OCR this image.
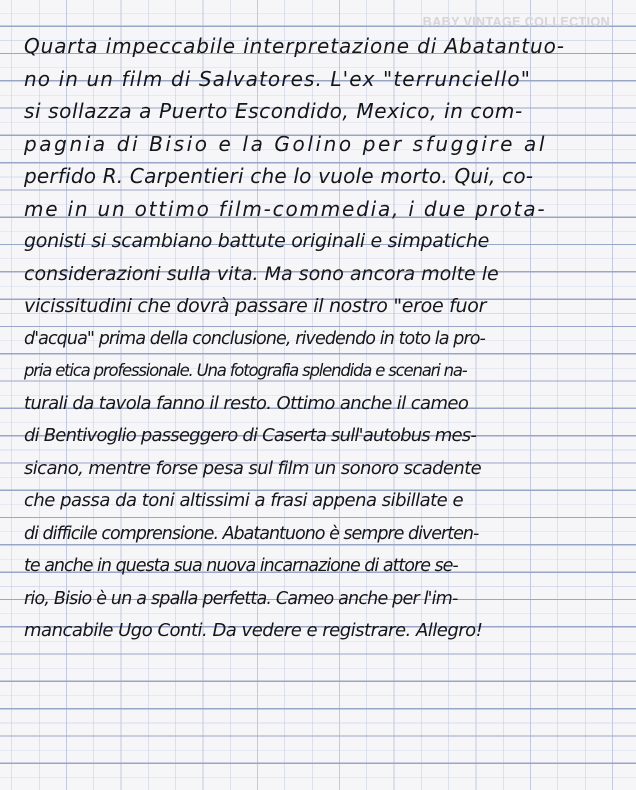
BABY VINTAGE COLLECTION
Quarta impeccabile interpretazione di Abatantuo-
no in un film di Salvatores. L'ex "terrunciello"
si sollazza a Puerto Escondido, Mexico, in com-
pagnia di Bisio e la Golino per sfuggire al
perfido R. Carpentieri che lo vuole morto. Qui, co-
me in un ottimo film-commedia, i due prota-
gonisti si scambiano battute originali e simpatiche
considerazioni sulla vita. Ma sono ancora molte le
vicissitudini che dovrà passare il nostro "eroe fuor
d'acqua" prima della conclusione, rivedendo in toto la pro-
pria etica professionale. Una fotografia splendida e scenari na-
turali da tavola fanno il resto. Ottimo anche il cameo
di Bentivoglio passeggero di Caserta sull'autobus mes-
sicano, mentre forse pesa sul film un sonoro scadente
che passa da toni altissimi a frasi appena sibillate e
di difficile comprensione. Abatantuono è sempre diverten-
te anche in questa sua nuova incarnazione di attore se-
rio, Bisio è un a spalla perfetta. Cameo anche per l'im-
mancabile Ugo Conti. Da vedere e registrare. Allegro!
